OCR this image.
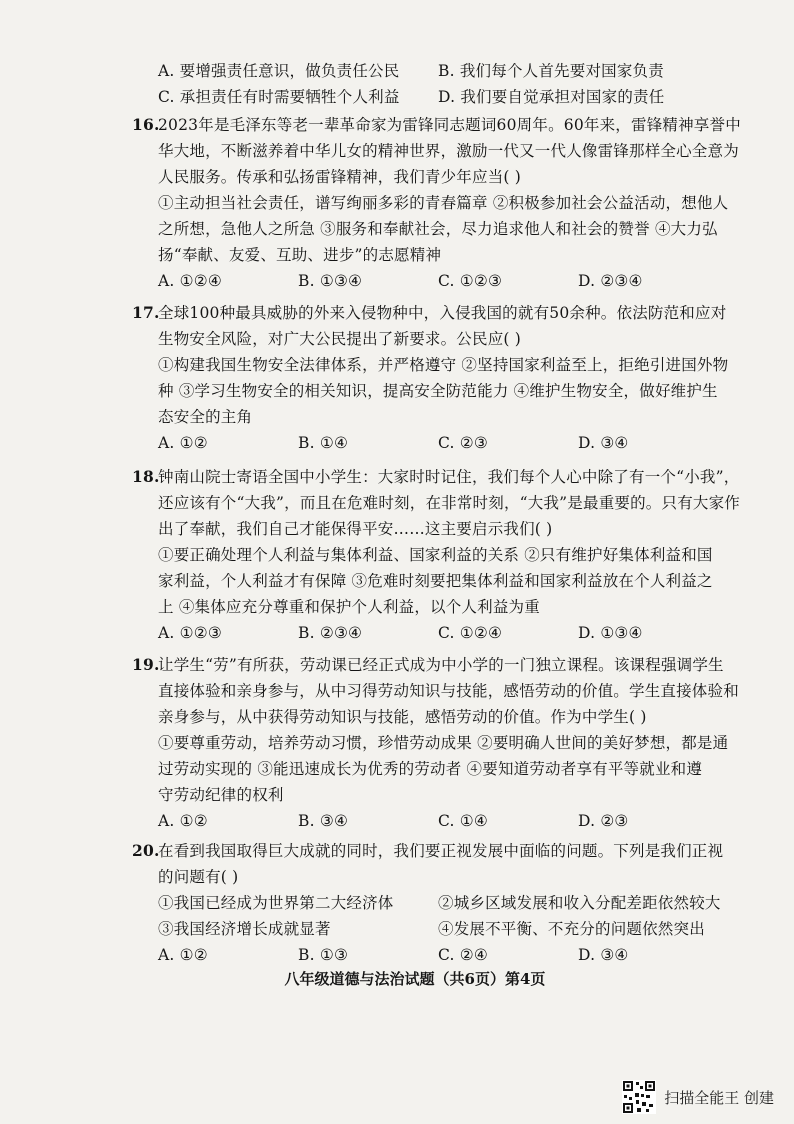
A. 要增强责任意识，做负责任公民	B. 我们每个人首先要对国家负责
C. 承担责任有时需要牺牲个人利益	D. 我们要自觉承担对国家的责任
16.
2023年是毛泽东等老一辈革命家为雷锋同志题词60周年。60年来，雷锋精神享誉中
华大地，不断滋养着中华儿女的精神世界，激励一代又一代人像雷锋那样全心全意为
人民服务。传承和弘扬雷锋精神，我们青少年应当( )
①主动担当社会责任，谱写绚丽多彩的青春篇章 ②积极参加社会公益活动，想他人
之所想，急他人之所急 ③服务和奉献社会，尽力追求他人和社会的赞誉 ④大力弘
扬“奉献、友爱、互助、进步”的志愿精神
A. ①②④	B. ①③④	C. ①②③	D. ②③④
17.
全球100种最具威胁的外来入侵物种中，入侵我国的就有50余种。依法防范和应对
生物安全风险，对广大公民提出了新要求。公民应( )
①构建我国生物安全法律体系，并严格遵守 ②坚持国家利益至上，拒绝引进国外物
种 ③学习生物安全的相关知识，提高安全防范能力 ④维护生物安全，做好维护生
态安全的主角
A. ①②	B. ①④	C. ②③	D. ③④
18.
钟南山院士寄语全国中小学生：大家时时记住，我们每个人心中除了有一个“小我”，
还应该有个“大我”，而且在危难时刻，在非常时刻，“大我”是最重要的。只有大家作
出了奉献，我们自己才能保得平安……这主要启示我们( )
①要正确处理个人利益与集体利益、国家利益的关系 ②只有维护好集体利益和国
家利益，个人利益才有保障 ③危难时刻要把集体利益和国家利益放在个人利益之
上 ④集体应充分尊重和保护个人利益，以个人利益为重
A. ①②③	B. ②③④	C. ①②④	D. ①③④
19.
让学生“劳”有所获，劳动课已经正式成为中小学的一门独立课程。该课程强调学生
直接体验和亲身参与，从中习得劳动知识与技能，感悟劳动的价值。学生直接体验和
亲身参与，从中获得劳动知识与技能，感悟劳动的价值。作为中学生( )
①要尊重劳动，培养劳动习惯，珍惜劳动成果 ②要明确人世间的美好梦想，都是通
过劳动实现的 ③能迅速成长为优秀的劳动者 ④要知道劳动者享有平等就业和遵
守劳动纪律的权利
A. ①②	B. ③④	C. ①④	D. ②③
20.
在看到我国取得巨大成就的同时，我们要正视发展中面临的问题。下列是我们正视
的问题有( )
①我国已经成为世界第二大经济体	②城乡区域发展和收入分配差距依然较大
③我国经济增长成就显著	④发展不平衡、不充分的问题依然突出
A. ①②	B. ①③	C. ②④	D. ③④
八年级道德与法治试题（共6页）第4页
扫描全能王 创建
